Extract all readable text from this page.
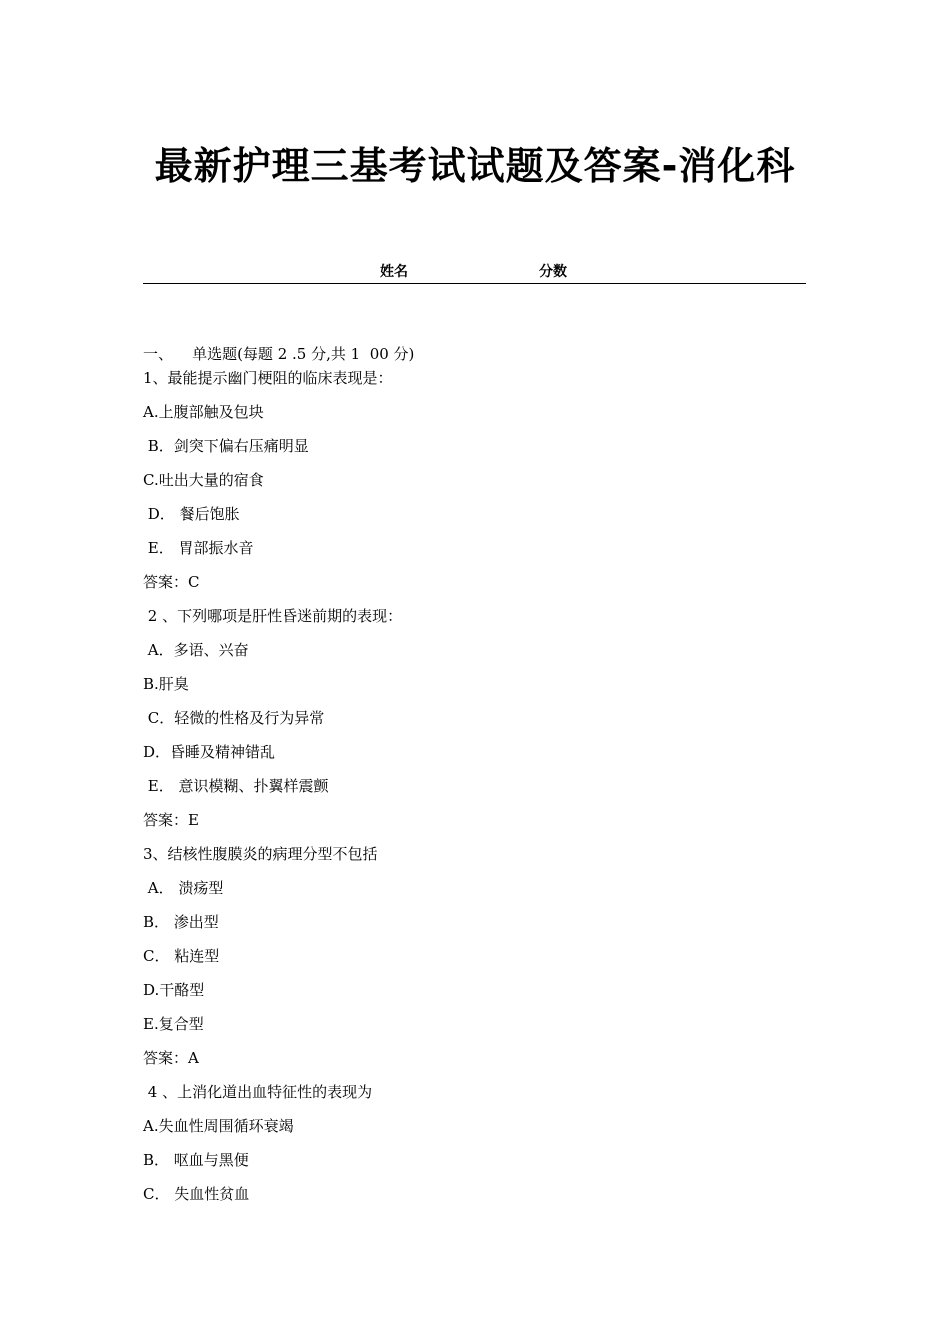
最新护理三基考试试题及答案-消化科
姓名	分数
一、    单选题(每题 2 .5 分,共 1  00 分)
1、最能提示幽门梗阻的临床表现是：
A.上腹部触及包块
B．剑突下偏右压痛明显
C.吐出大量的宿食
D． 餐后饱胀
E． 胃部振水音
答案：C
2 、下列哪项是肝性昏迷前期的表现：
A．多语、兴奋
B.肝臭
C．轻微的性格及行为异常
D．昏睡及精神错乱
E． 意识模糊、扑翼样震颤
答案：E
3、结核性腹膜炎的病理分型不包括
A． 溃疡型
B． 渗出型
C． 粘连型
D.干酪型
E.复合型
答案：A
4 、上消化道出血特征性的表现为
A.失血性周围循环衰竭
B． 呕血与黑便
C． 失血性贫血
